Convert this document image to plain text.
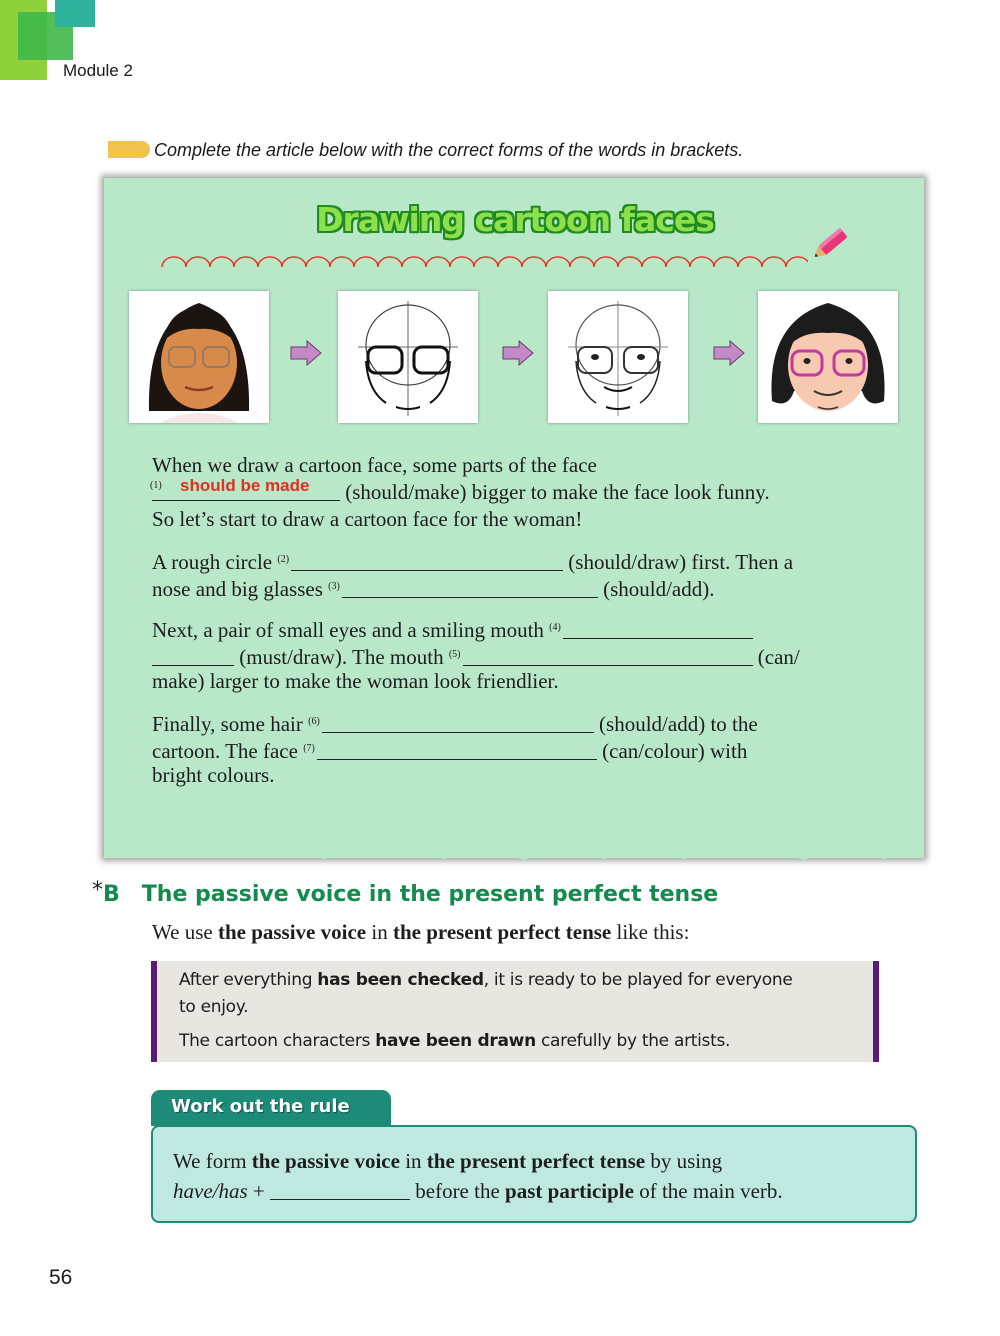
Module 2
Complete the article below with the correct forms of the words in brackets.
Drawing cartoon faces
When we draw a cartoon face, some parts of the face
(1) should be made (should/make) bigger to make the face look funny.
So let’s start to draw a cartoon face for the woman!
A rough circle $^{(2)}$	(should/draw) first. Then a
nose and big glasses $^{(3)}$	(should/add).
Next, a pair of small eyes and a smiling mouth $^{(4)}$
(must/draw). The mouth $^{(5)}$	(can/
make) larger to make the woman look friendlier.
Finally, some hair $^{(6)}$	(should/add) to the
cartoon. The face $^{(7)}$	(can/colour) with
bright colours.
*B The passive voice in the present perfect tense
We use the passive voice in the present perfect tense like this:
After everything has been checked, it is ready to be played for everyone
to enjoy.
The cartoon characters have been drawn carefully by the artists.
Work out the rule
We form the passive voice in the present perfect tense by using
have/has +	before the past participle of the main verb.
56
